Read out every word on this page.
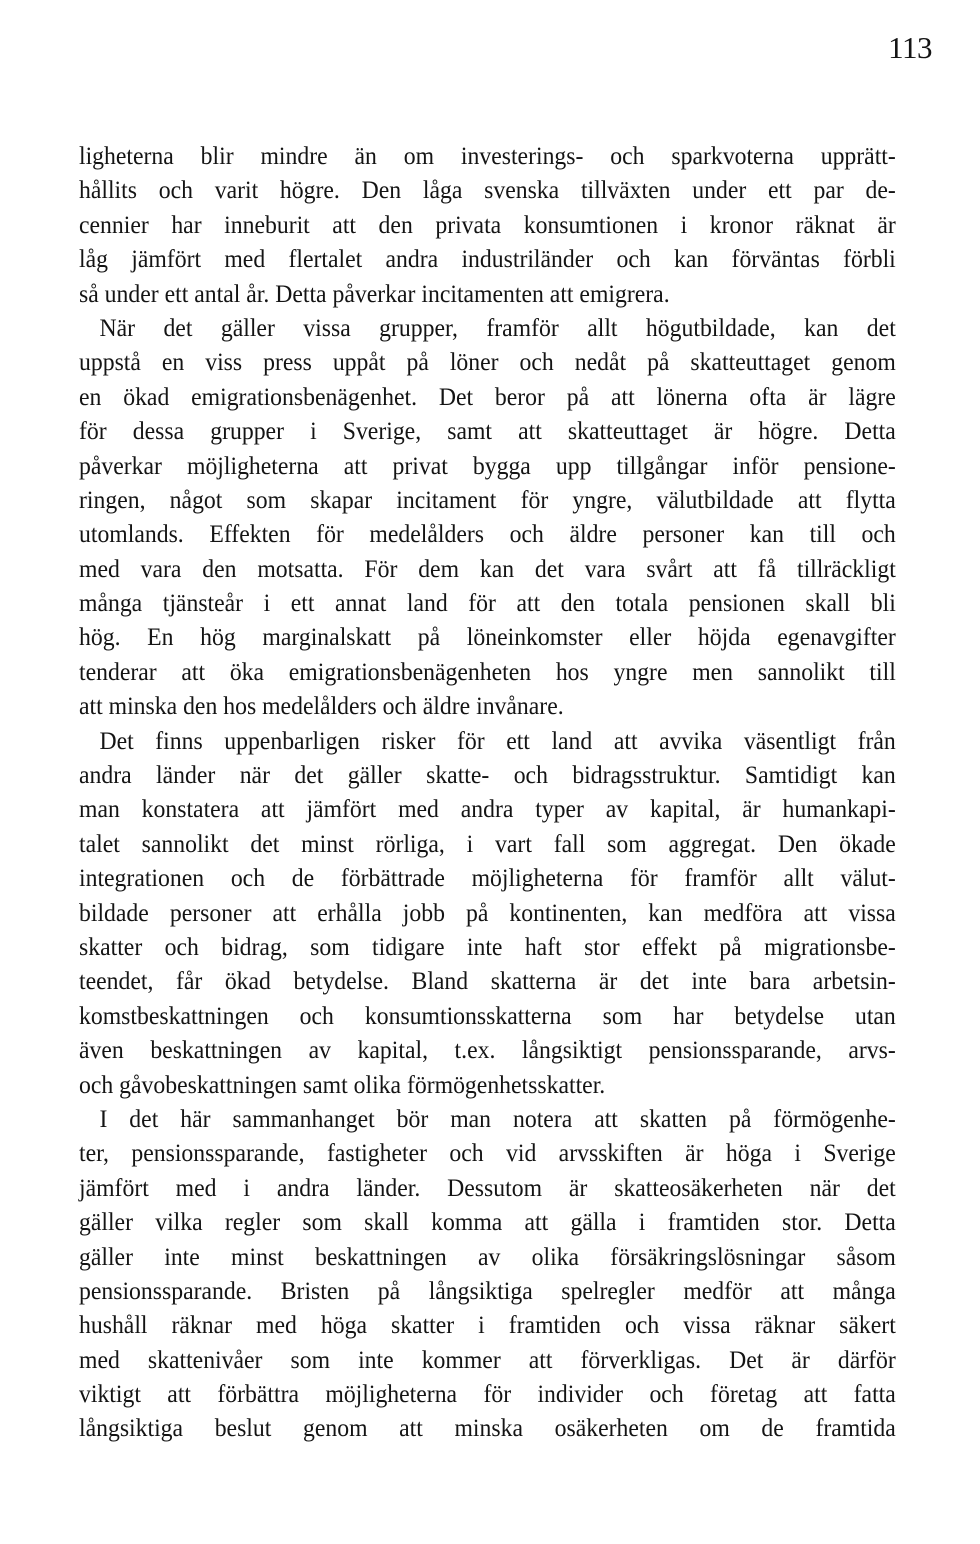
113
ligheterna blir mindre än om investerings- och sparkvoterna upprätt-
hållits och varit högre. Den låga svenska tillväxten under ett par de-
cennier har inneburit att den privata konsumtionen i kronor räknat är
låg jämfört med flertalet andra industriländer och kan förväntas förbli
så under ett antal år. Detta påverkar incitamenten att emigrera.
När det gäller vissa grupper, framför allt högutbildade, kan det
uppstå en viss press uppåt på löner och nedåt på skatteuttaget genom
en ökad emigrationsbenägenhet. Det beror på att lönerna ofta är lägre
för dessa grupper i Sverige, samt att skatteuttaget är högre. Detta
påverkar möjligheterna att privat bygga upp tillgångar inför pensione-
ringen, något som skapar incitament för yngre, välutbildade att flytta
utomlands. Effekten för medelålders och äldre personer kan till och
med vara den motsatta. För dem kan det vara svårt att få tillräckligt
många tjänsteår i ett annat land för att den totala pensionen skall bli
hög. En hög marginalskatt på löneinkomster eller höjda egenavgifter
tenderar att öka emigrationsbenägenheten hos yngre men sannolikt till
att minska den hos medelålders och äldre invånare.
Det finns uppenbarligen risker för ett land att avvika väsentligt från
andra länder när det gäller skatte- och bidragsstruktur. Samtidigt kan
man konstatera att jämfört med andra typer av kapital, är humankapi-
talet sannolikt det minst rörliga, i vart fall som aggregat. Den ökade
integrationen och de förbättrade möjligheterna för framför allt välut-
bildade personer att erhålla jobb på kontinenten, kan medföra att vissa
skatter och bidrag, som tidigare inte haft stor effekt på migrationsbe-
teendet, får ökad betydelse. Bland skatterna är det inte bara arbetsin-
komstbeskattningen och konsumtionsskatterna som har betydelse utan
även beskattningen av kapital, t.ex. långsiktigt pensionssparande, arvs-
och gåvobeskattningen samt olika förmögenhetsskatter.
I det här sammanhanget bör man notera att skatten på förmögenhe-
ter, pensionssparande, fastigheter och vid arvsskiften är höga i Sverige
jämfört med i andra länder. Dessutom är skatteosäkerheten när det
gäller vilka regler som skall komma att gälla i framtiden stor. Detta
gäller inte minst beskattningen av olika försäkringslösningar såsom
pensionssparande. Bristen på långsiktiga spelregler medför att många
hushåll räknar med höga skatter i framtiden och vissa räknar säkert
med skattenivåer som inte kommer att förverkligas. Det är därför
viktigt att förbättra möjligheterna för individer och företag att fatta
långsiktiga beslut genom att minska osäkerheten om de framtida
